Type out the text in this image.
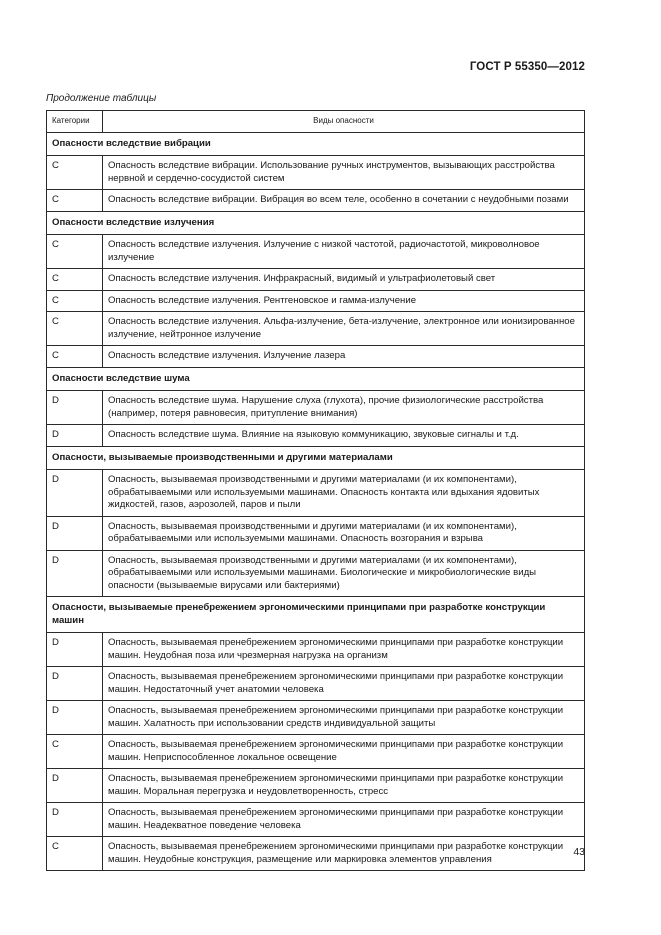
ГОСТ Р 55350—2012
Продолжение таблицы
Категории	Виды опасности
Опасности вследствие вибрации	
C	Опасность вследствие вибрации. Использование ручных инструментов, вызывающих расстройства нервной и сердечно-сосудистой систем
C	Опасность вследствие вибрации. Вибрация во всем теле, особенно в сочетании с неудобными позами
Опасности вследствие излучения	
C	Опасность вследствие излучения. Излучение с низкой частотой, радиочастотой, микроволновое излучение
C	Опасность вследствие излучения. Инфракрасный, видимый и ультрафиолетовый свет
C	Опасность вследствие излучения. Рентгеновское и гамма-излучение
C	Опасность вследствие излучения. Альфа-излучение, бета-излучение, электронное или ионизированное излучение, нейтронное излучение
C	Опасность вследствие излучения. Излучение лазера
Опасности вследствие шума	
D	Опасность вследствие шума. Нарушение слуха (глухота), прочие физиологические расстройства (например, потеря равновесия, притупление внимания)
D	Опасность вследствие шума. Влияние на языковую коммуникацию, звуковые сигналы и т.д.
Опасности, вызываемые производственными и другими материалами	
D	Опасность, вызываемая производственными и другими материалами (и их компонентами), обрабатываемыми или используемыми машинами. Опасность контакта или вдыхания ядовитых жидкостей, газов, аэрозолей, паров и пыли
D	Опасность, вызываемая производственными и другими материалами (и их компонентами), обрабатываемыми или используемыми машинами. Опасность возгорания и взрыва
D	Опасность, вызываемая производственными и другими материалами (и их компонентами), обрабатываемыми или используемыми машинами. Биологические и микробиологические виды опасности (вызываемые вирусами или бактериями)
Опасности, вызываемые пренебрежением эргономическими принципами при разработке конструкции машин	
D	Опасность, вызываемая пренебрежением эргономическими принципами при разработке конструкции машин. Неудобная поза или чрезмерная нагрузка на организм
D	Опасность, вызываемая пренебрежением эргономическими принципами при разработке конструкции машин. Недостаточный учет анатомии человека
D	Опасность, вызываемая пренебрежением эргономическими принципами при разработке конструкции машин. Халатность при использовании средств индивидуальной защиты
C	Опасность, вызываемая пренебрежением эргономическими принципами при разработке конструкции машин. Неприспособленное локальное освещение
D	Опасность, вызываемая пренебрежением эргономическими принципами при разработке конструкции машин. Моральная перегрузка и неудовлетворенность, стресс
D	Опасность, вызываемая пренебрежением эргономическими принципами при разработке конструкции машин. Неадекватное поведение человека
C	Опасность, вызываемая пренебрежением эргономическими принципами при разработке конструкции машин. Неудобные конструкция, размещение или маркировка элементов управления
43
